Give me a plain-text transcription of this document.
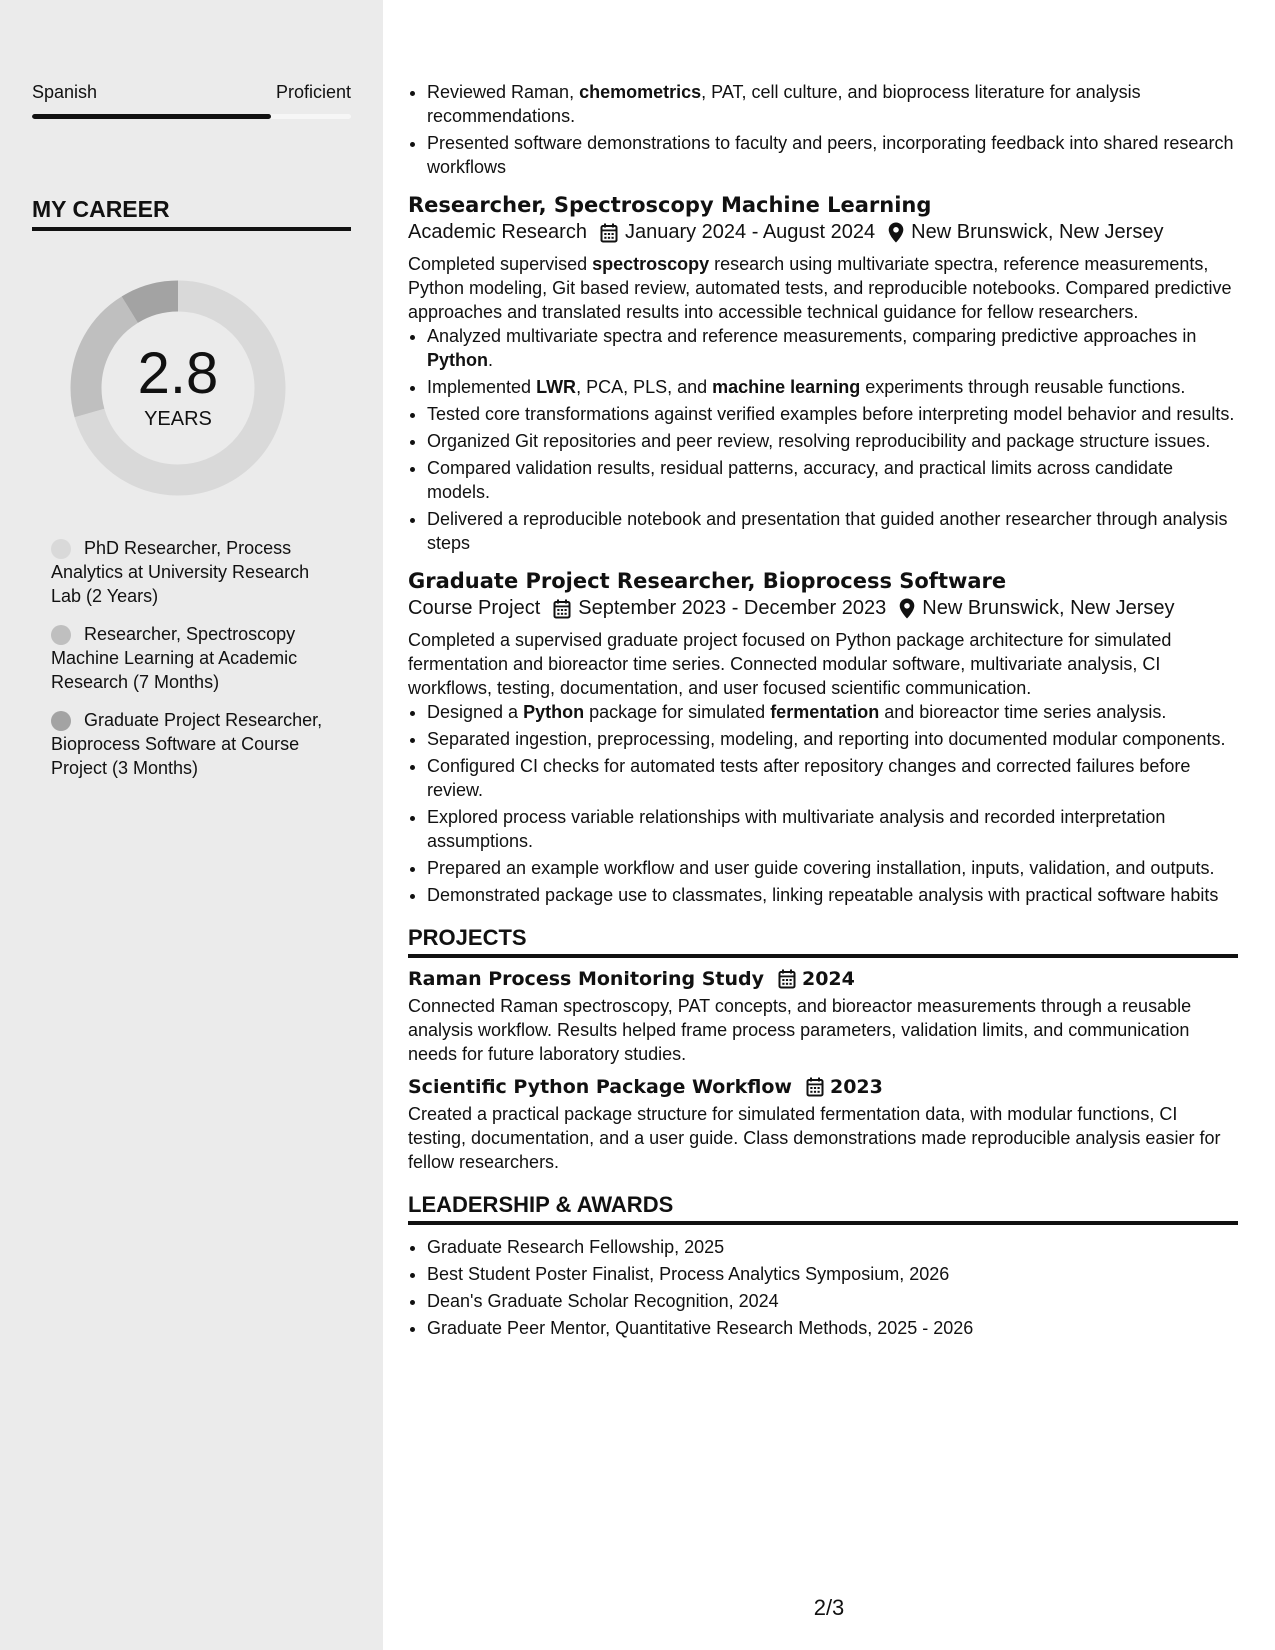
Spanish	Proficient
MY CAREER
2.8
YEARS
PhD Researcher, Process Analytics at University Research Lab (2 Years)
Researcher, Spectroscopy Machine Learning at Academic Research (7 Months)
Graduate Project Researcher, Bioprocess Software at Course Project (3 Months)
• Reviewed Raman, chemometrics, PAT, cell culture, and bioprocess literature for analysis recommendations.
• Presented software demonstrations to faculty and peers, incorporating feedback into shared research workflows
Researcher, Spectroscopy Machine Learning
Academic Research January 2024 - August 2024 New Brunswick, New Jersey

Completed supervised spectroscopy research using multivariate spectra, reference measurements, Python modeling, Git based review, automated tests, and reproducible notebooks. Compared predictive approaches and translated results into accessible technical guidance for fellow researchers.

• Analyzed multivariate spectra and reference measurements, comparing predictive approaches in Python.
• Implemented LWR, PCA, PLS, and machine learning experiments through reusable functions.
• Tested core transformations against verified examples before interpreting model behavior and results.
• Organized Git repositories and peer review, resolving reproducibility and package structure issues.
• Compared validation results, residual patterns, accuracy, and practical limits across candidate models.
• Delivered a reproducible notebook and presentation that guided another researcher through analysis steps
Graduate Project Researcher, Bioprocess Software
Course Project September 2023 - December 2023 New Brunswick, New Jersey

Completed a supervised graduate project focused on Python package architecture for simulated fermentation and bioreactor time series. Connected modular software, multivariate analysis, CI workflows, testing, documentation, and user focused scientific communication.

• Designed a Python package for simulated fermentation and bioreactor time series analysis.
• Separated ingestion, preprocessing, modeling, and reporting into documented modular components.
• Configured CI checks for automated tests after repository changes and corrected failures before review.
• Explored process variable relationships with multivariate analysis and recorded interpretation assumptions.
• Prepared an example workflow and user guide covering installation, inputs, validation, and outputs.
• Demonstrated package use to classmates, linking repeatable analysis with practical software habits
PROJECTS
Raman Process Monitoring Study 2024

Connected Raman spectroscopy, PAT concepts, and bioreactor measurements through a reusable analysis workflow. Results helped frame process parameters, validation limits, and communication needs for future laboratory studies.

Scientific Python Package Workflow 2023

Created a practical package structure for simulated fermentation data, with modular functions, CI testing, documentation, and a user guide. Class demonstrations made reproducible analysis easier for fellow researchers.

LEADERSHIP & AWARDS
• Graduate Research Fellowship, 2025
• Best Student Poster Finalist, Process Analytics Symposium, 2026
• Dean's Graduate Scholar Recognition, 2024
• Graduate Peer Mentor, Quantitative Research Methods, 2025 - 2026
2/3
